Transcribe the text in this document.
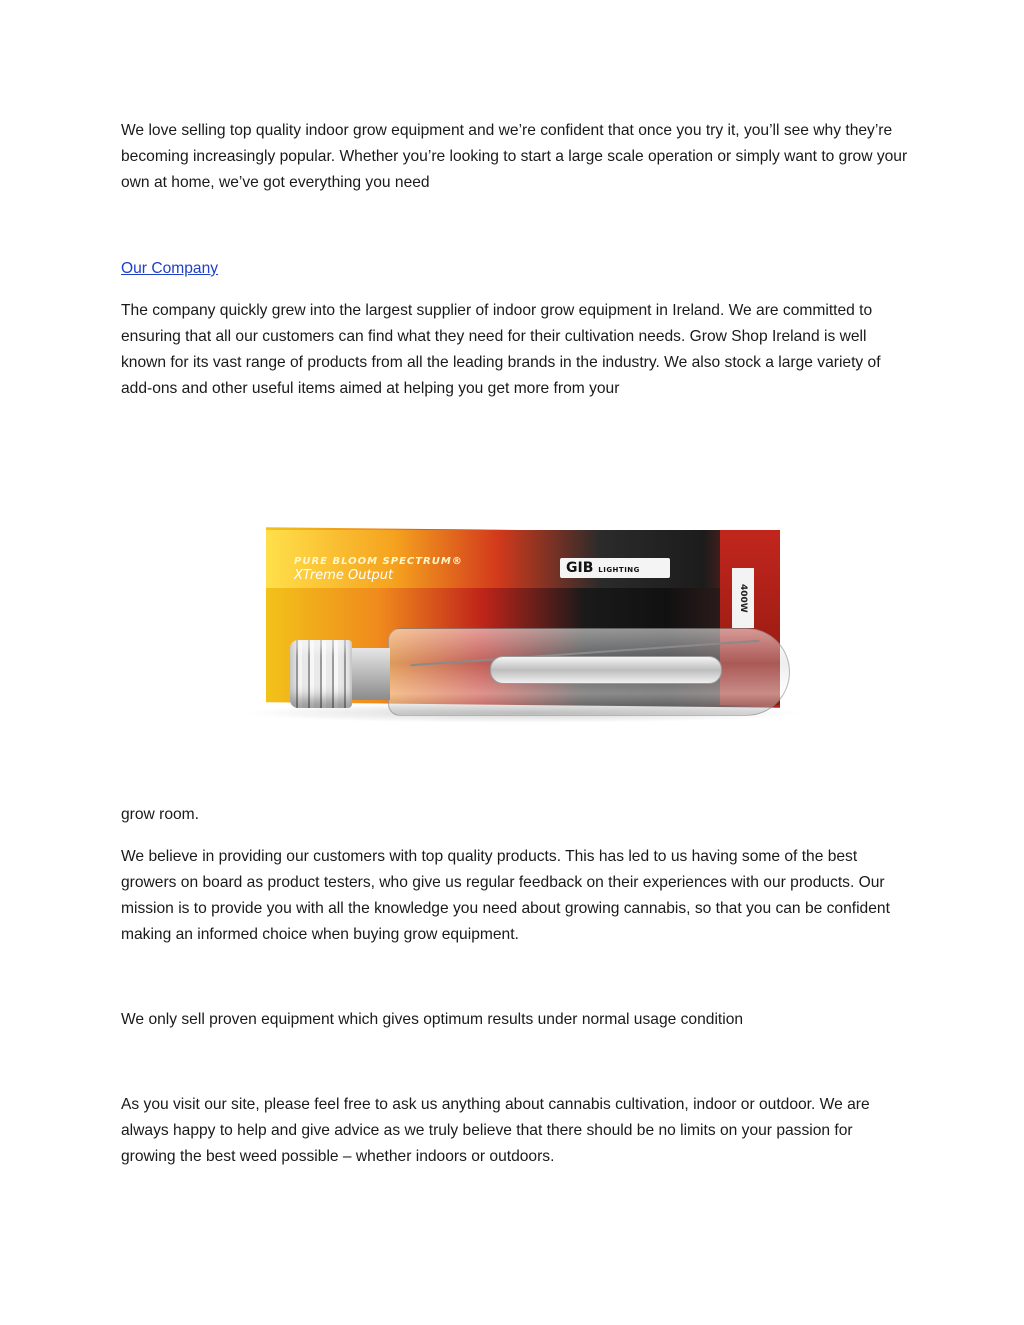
We love selling top quality indoor grow equipment and we’re confident that once you try it, you’ll see why they’re becoming increasingly popular. Whether you’re looking to start a large scale operation or simply want to grow your own at home, we’ve got everything you need

Our Company

The company quickly grew into the largest supplier of indoor grow equipment in Ireland. We are committed to ensuring that all our customers can find what they need for their cultivation needs. Grow Shop Ireland is well known for its vast range of products from all the leading brands in the industry. We also stock a large variety of add-ons and other useful items aimed at helping you get more from your

PURE BLOOM SPECTRUM®
XTreme Output	GIB LIGHTING
400W

grow room.

We believe in providing our customers with top quality products. This has led to us having some of the best growers on board as product testers, who give us regular feedback on their experiences with our products. Our mission is to provide you with all the knowledge you need about growing cannabis, so that you can be confident making an informed choice when buying grow equipment.

We only sell proven equipment which gives optimum results under normal usage condition

As you visit our site, please feel free to ask us anything about cannabis cultivation, indoor or outdoor. We are always happy to help and give advice as we truly believe that there should be no limits on your passion for growing the best weed possible – whether indoors or outdoors.
